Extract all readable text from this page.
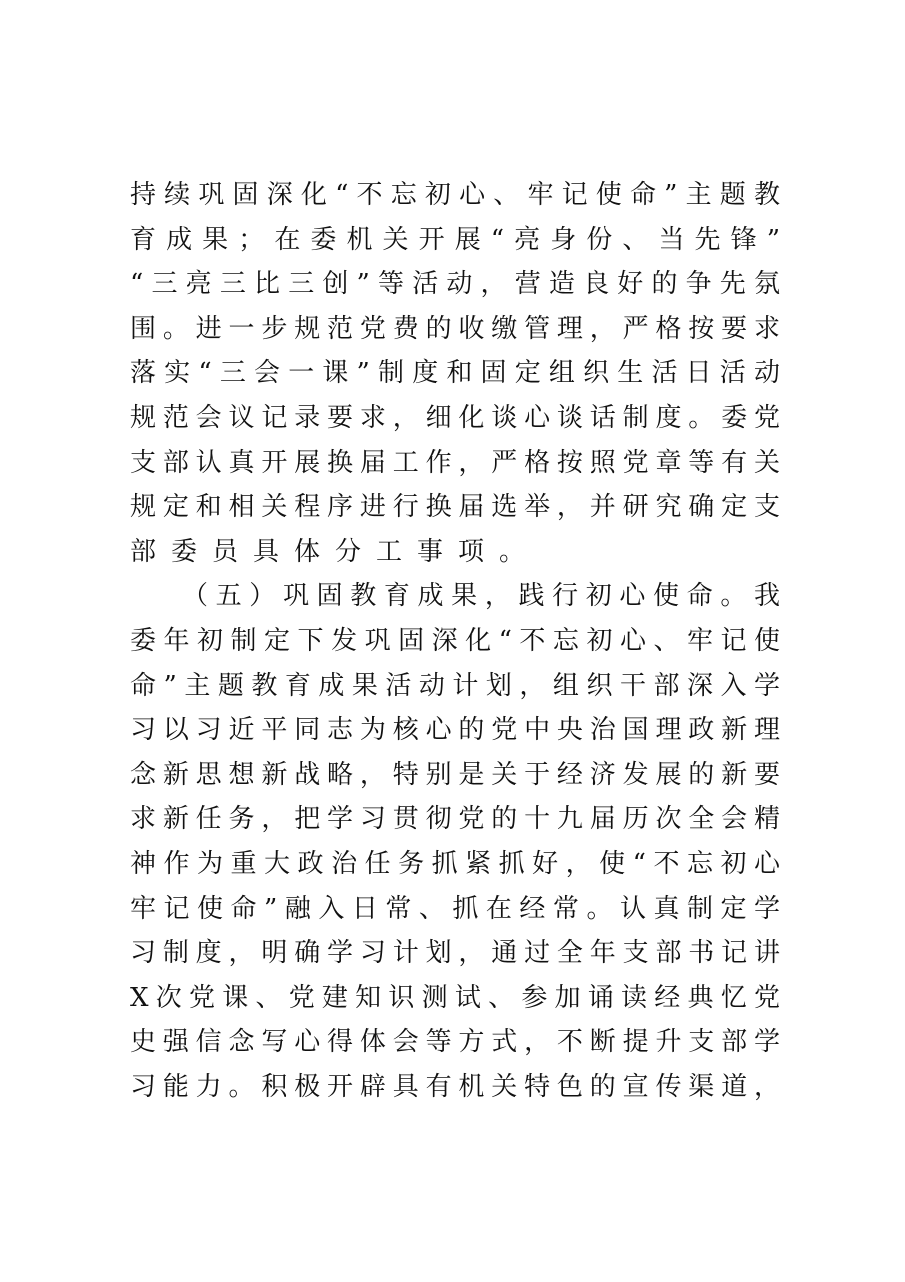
持续巩固深化“不忘初心、牢记使命”主题教
育成果；在委机关开展“亮身份、当先锋”
“三亮三比三创”等活动，营造良好的争先氛
围。进一步规范党费的收缴管理，严格按要求
落实“三会一课”制度和固定组织生活日活动
规范会议记录要求，细化谈心谈话制度。委党
支部认真开展换届工作，严格按照党章等有关
规定和相关程序进行换届选举，并研究确定支
部委员具体分工事项。
（五）巩固教育成果，践行初心使命。我
委年初制定下发巩固深化“不忘初心、牢记使
命”主题教育成果活动计划，组织干部深入学
习以习近平同志为核心的党中央治国理政新理
念新思想新战略，特别是关于经济发展的新要
求新任务，把学习贯彻党的十九届历次全会精
神作为重大政治任务抓紧抓好，使“不忘初心
牢记使命”融入日常、抓在经常。认真制定学
习制度，明确学习计划，通过全年支部书记讲
X次党课、党建知识测试、参加诵读经典忆党
史强信念写心得体会等方式，不断提升支部学
习能力。积极开辟具有机关特色的宣传渠道，
